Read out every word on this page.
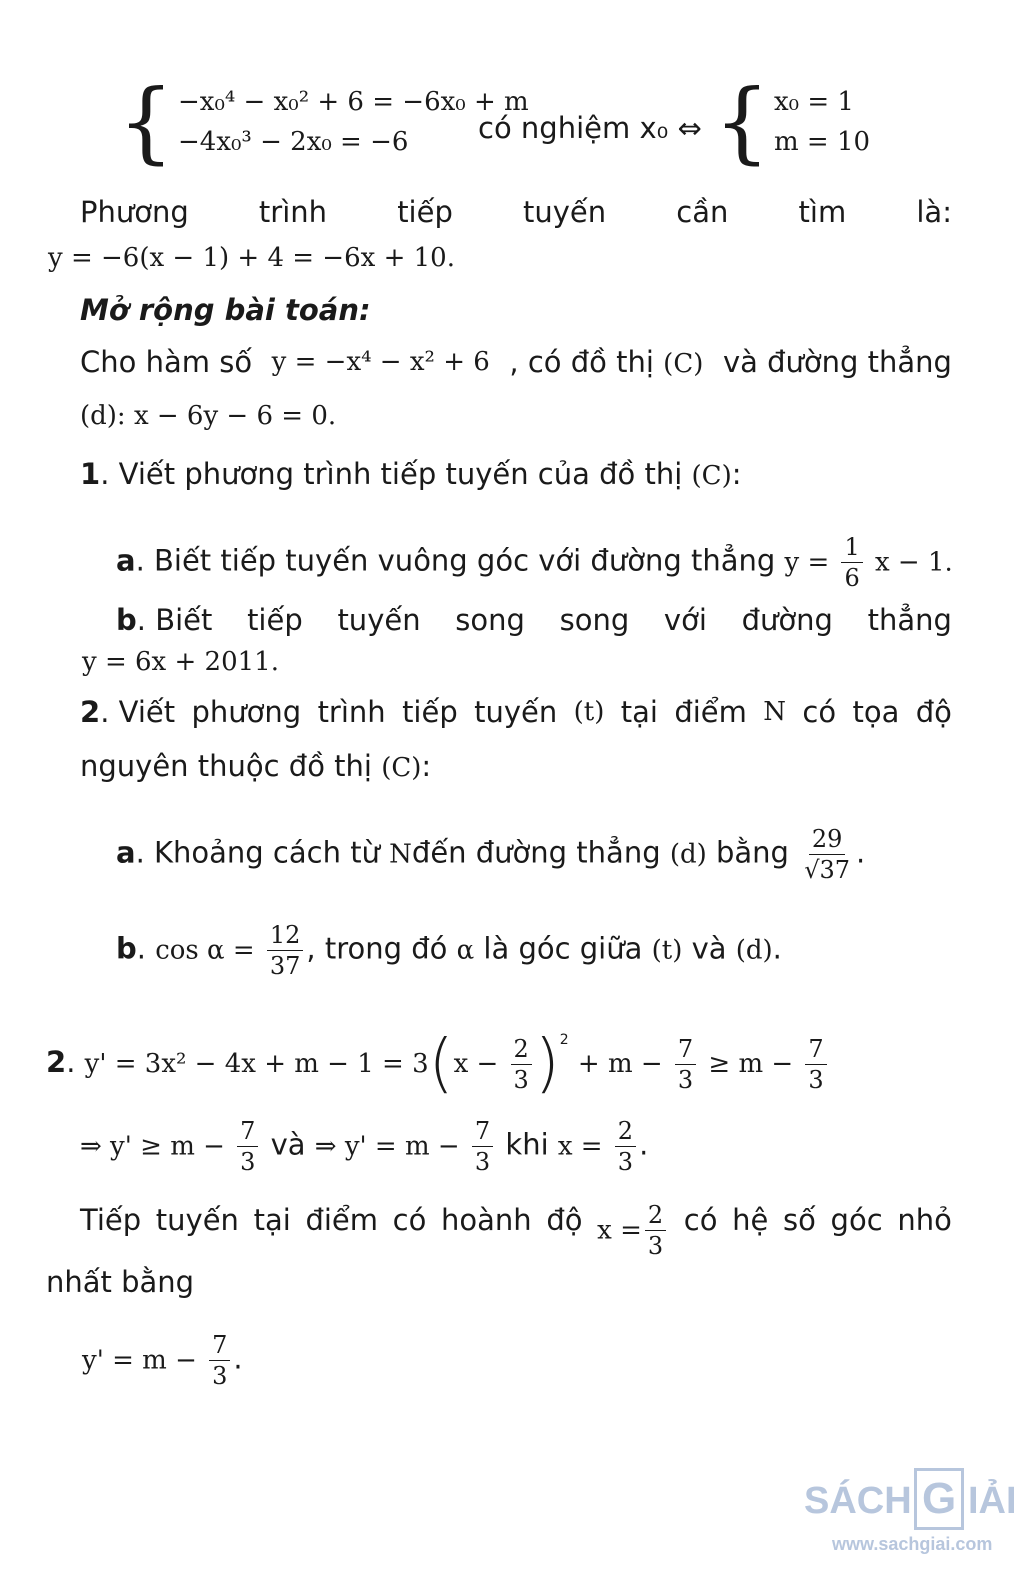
{ −x₀⁴ − x₀² + 6 = −6x₀ + m
−4x₀³ − 2x₀ = −6	có nghiệm x₀ ⇔ { x₀ = 1
m = 10
Phương trình tiếp tuyến cần tìm là:
y = −6(x − 1) + 4 = −6x + 10.
Mở rộng bài toán:
Cho hàm số y = −x⁴ − x² + 6 , có đồ thị (C) và đường thẳng
(d): x − 6y − 6 = 0.
1. Viết phương trình tiếp tuyến của đồ thị (C):
a. Biết tiếp tuyến vuông góc với đường thẳng $y = \frac{1}{6}$ x − 1.
b. Biết tiếp tuyến song song với đường thẳng
y = 6x + 2011.
2. Viết phương trình tiếp tuyến (t) tại điểm N có tọa độ
nguyên thuộc đồ thị (C):
a. Khoảng cách từ Nđến đường thẳng (d) bằng $\frac{29}{√37}$ .
b. $\cos \alpha = \frac{12}{37}$ , trong đó α là góc giữa (t) và (d).
2. $y' = 3x^2 - 4x + m - 1 = 3(x - \frac{2}{3} )^2 + m - \frac{7}{3} \ge m - \frac{7}{3}$
⇒ $y' \ge m - \frac{7}{3}$ và ⇒ $y' = m - \frac{7}{3}$ khi $x = \frac{2}{3}$ .
Tiếp tuyến tại điểm có hoành độ $x = \frac{2}{3}$ có hệ số góc nhỏ
nhất bằng
$y' = m - \frac{7}{3}$ .
SÁCH G IẢI
www.sachgiai.com
